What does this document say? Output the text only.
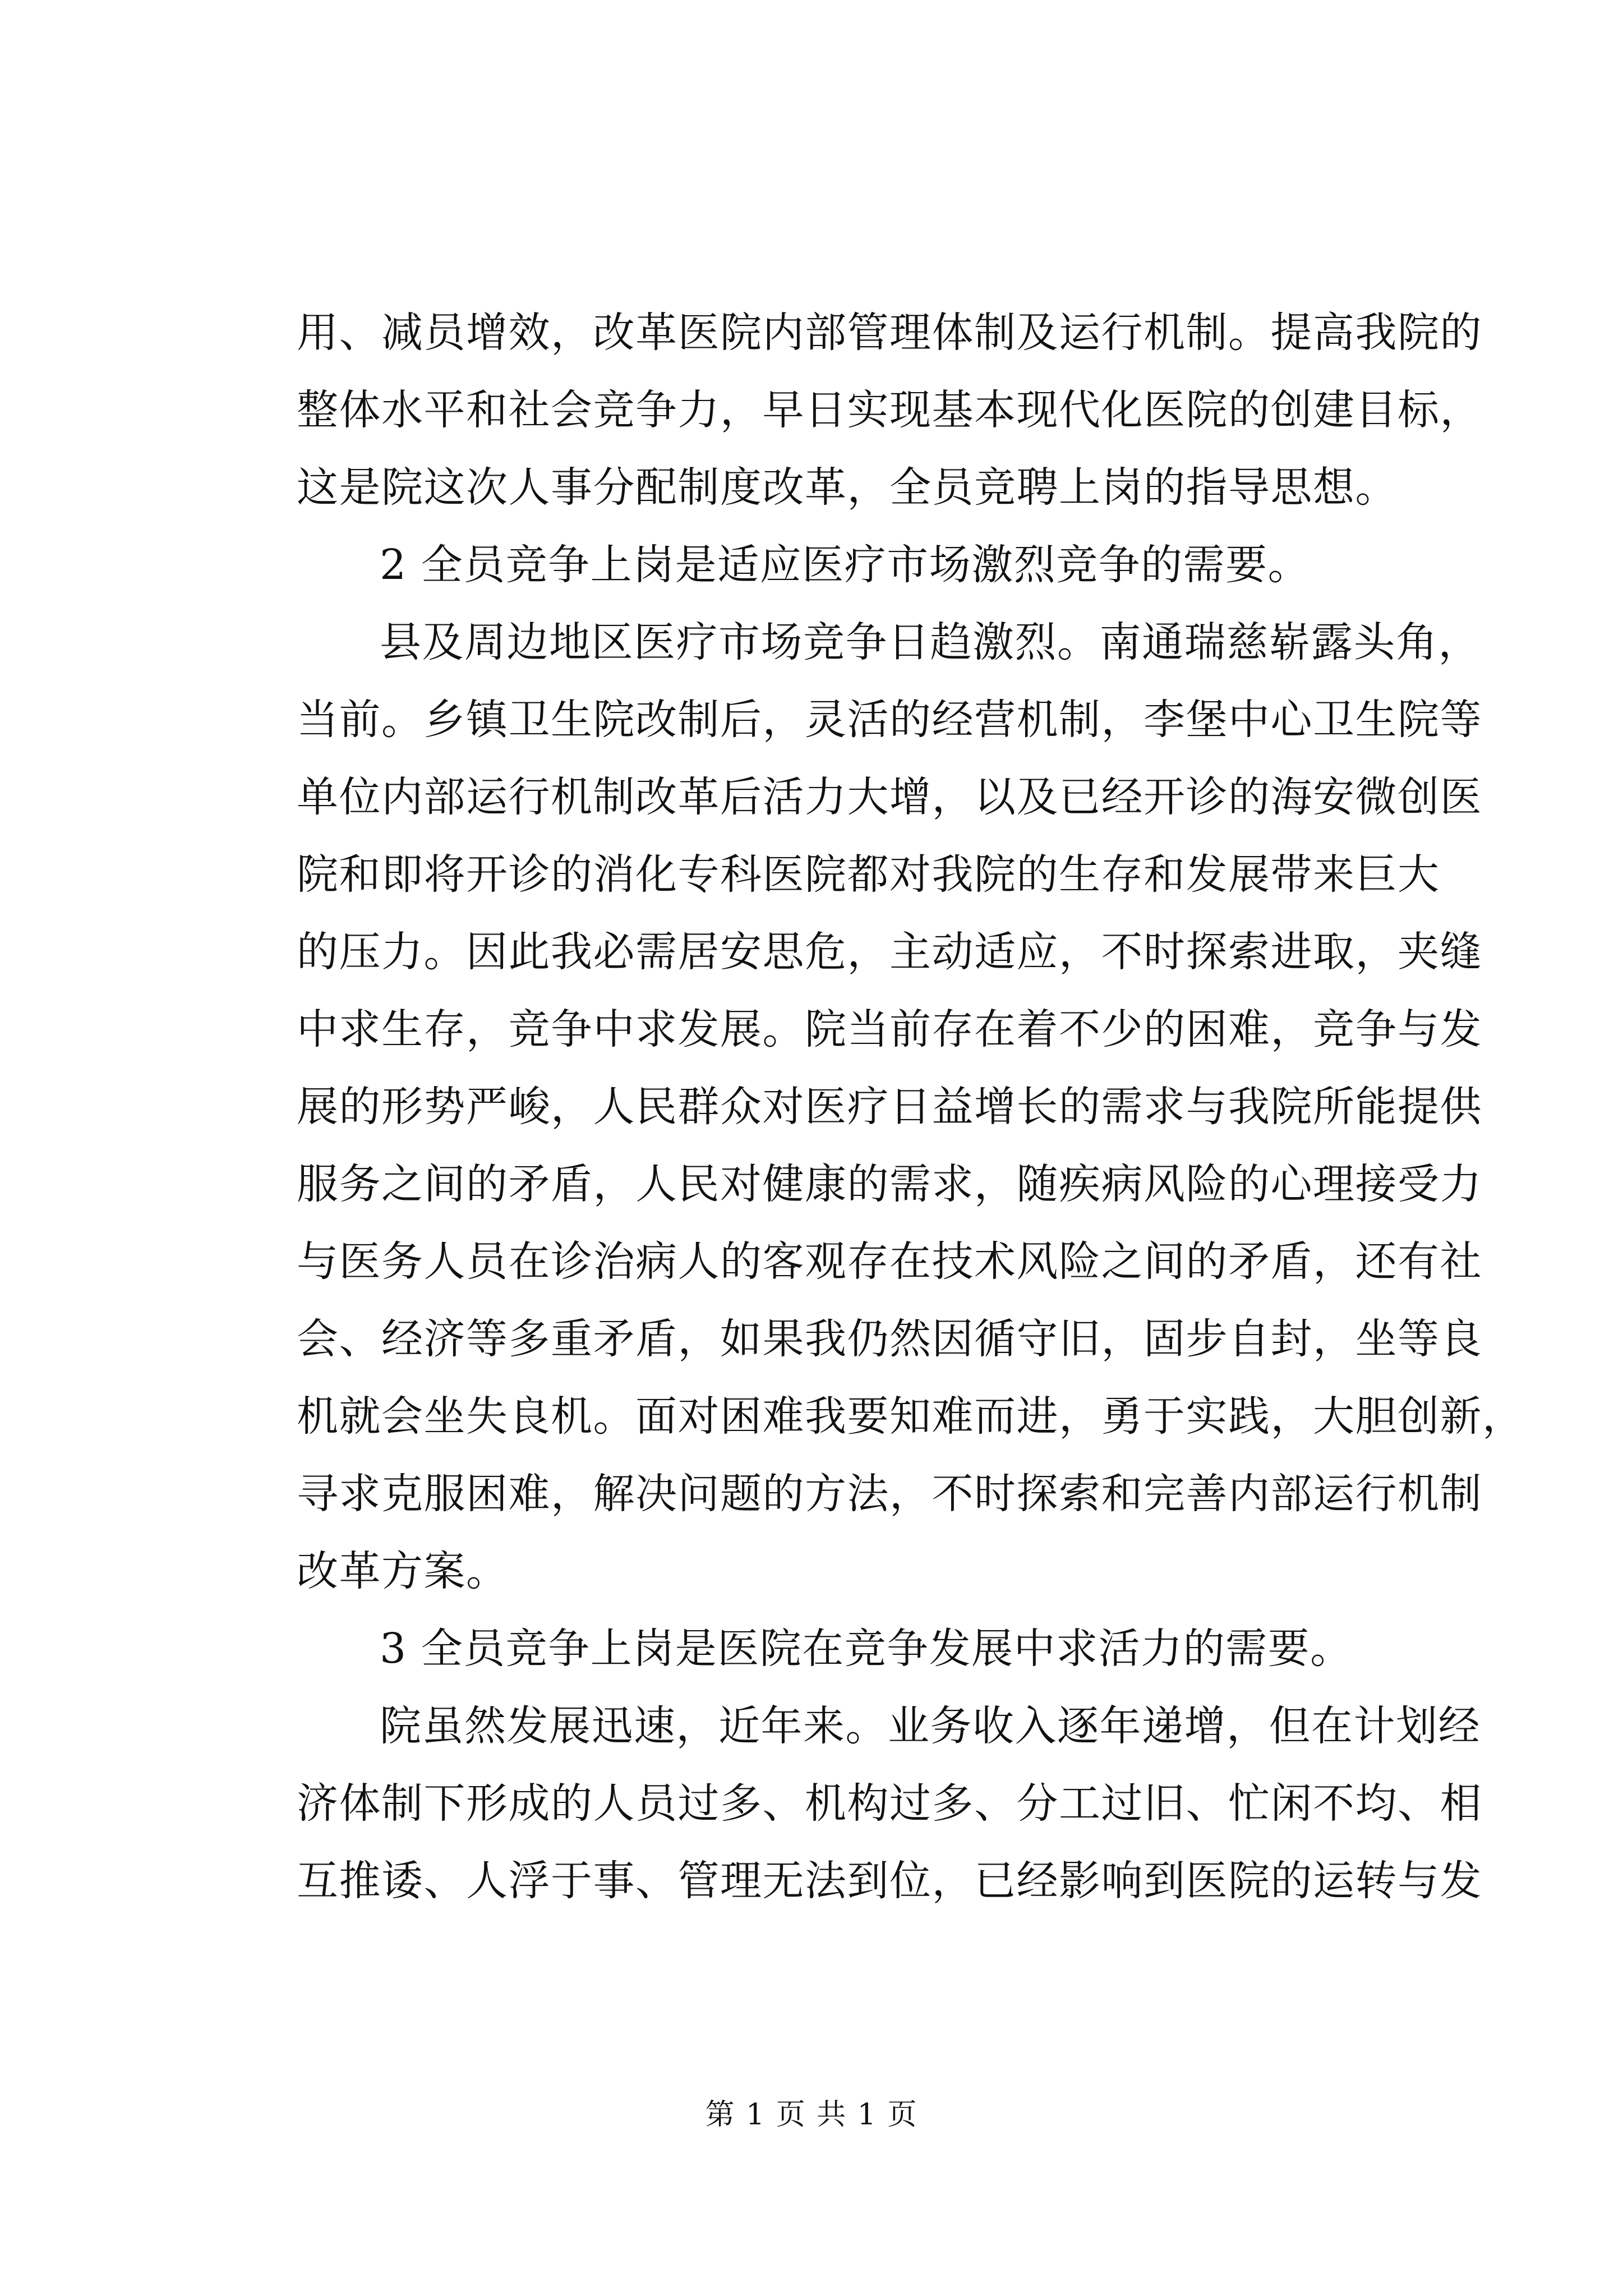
用、减员增效，改革医院内部管理体制及运行机制。提高我院的
整体水平和社会竞争力，早日实现基本现代化医院的创建目标，
这是院这次人事分配制度改革，全员竞聘上岗的指导思想。
2 全员竞争上岗是适应医疗市场激烈竞争的需要。
县及周边地区医疗市场竞争日趋激烈。南通瑞慈崭露头角，
当前。乡镇卫生院改制后，灵活的经营机制，李堡中心卫生院等
单位内部运行机制改革后活力大增，以及已经开诊的海安微创医
院和即将开诊的消化专科医院都对我院的生存和发展带来巨大
的压力。因此我必需居安思危，主动适应，不时探索进取，夹缝
中求生存，竞争中求发展。院当前存在着不少的困难，竞争与发
展的形势严峻，人民群众对医疗日益增长的需求与我院所能提供
服务之间的矛盾，人民对健康的需求，随疾病风险的心理接受力
与医务人员在诊治病人的客观存在技术风险之间的矛盾，还有社
会、经济等多重矛盾，如果我仍然因循守旧，固步自封，坐等良
机就会坐失良机。面对困难我要知难而进，勇于实践，大胆创新，
寻求克服困难，解决问题的方法，不时探索和完善内部运行机制
改革方案。
3 全员竞争上岗是医院在竞争发展中求活力的需要。
院虽然发展迅速，近年来。业务收入逐年递增，但在计划经
济体制下形成的人员过多、机构过多、分工过旧、忙闲不均、相
互推诿、人浮于事、管理无法到位，已经影响到医院的运转与发
第 1 页 共 1 页
